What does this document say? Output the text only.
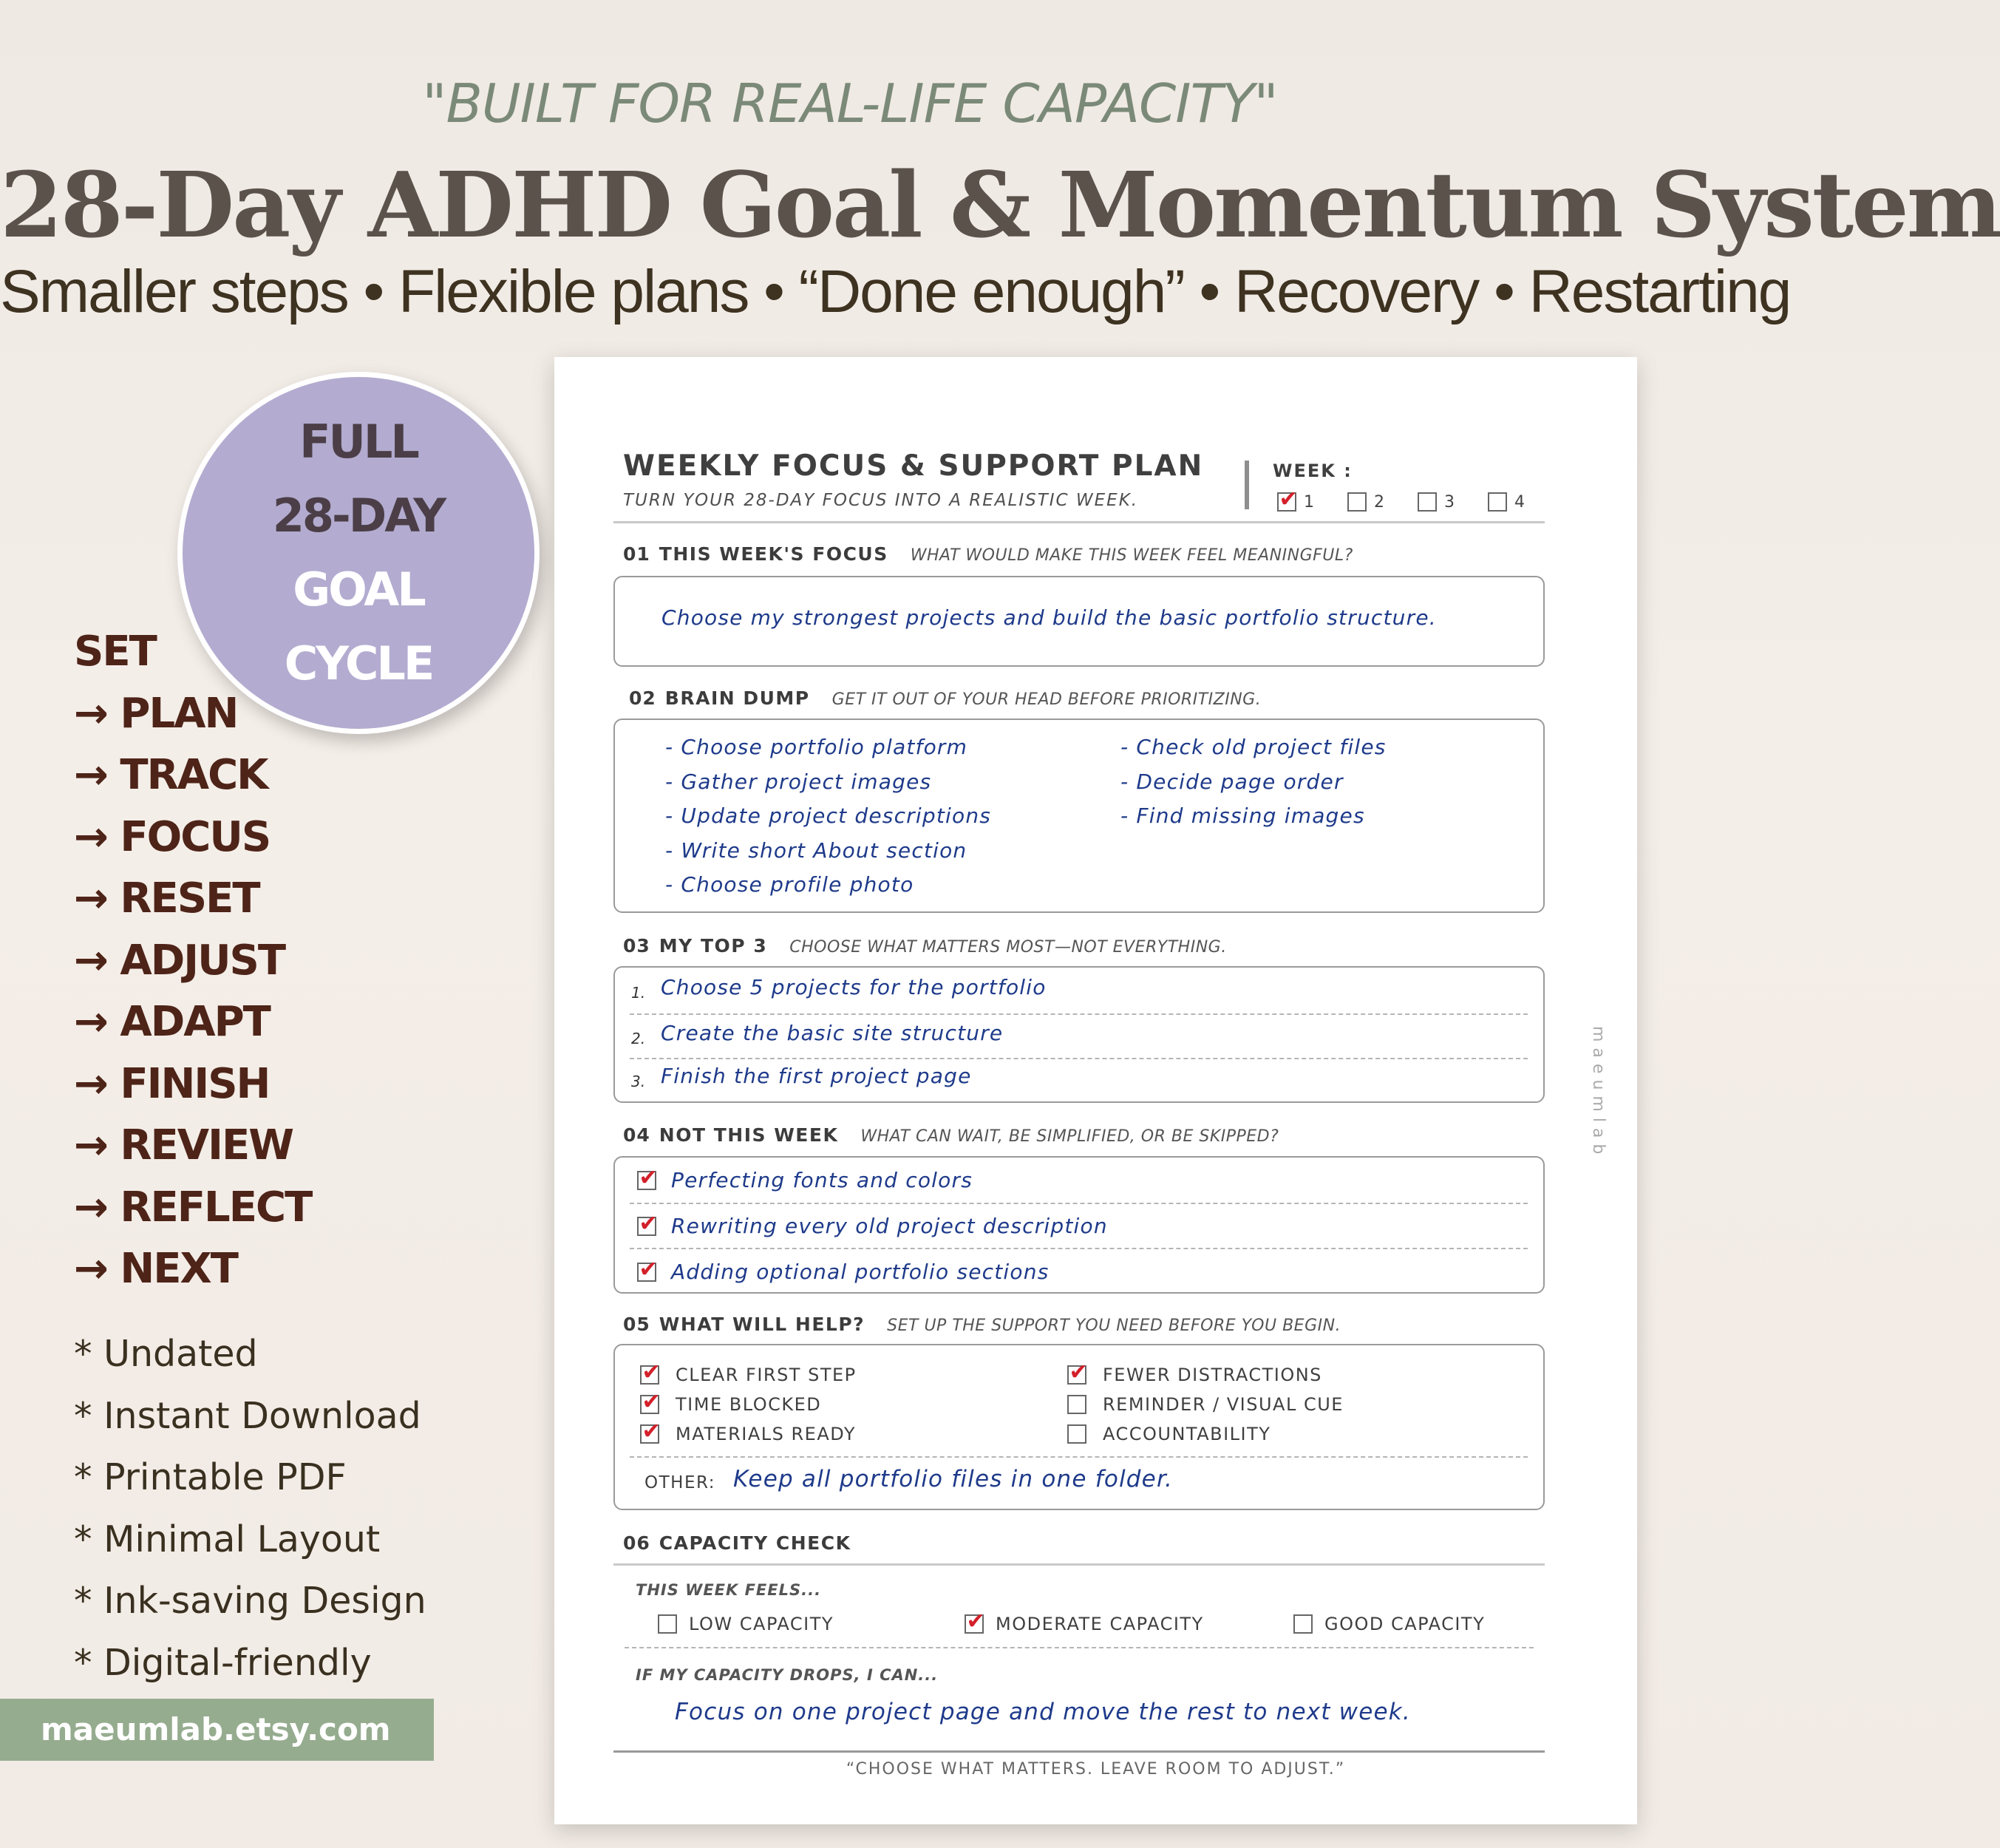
"BUILT FOR REAL-LIFE CAPACITY"
28-Day ADHD Goal & Momentum System
Smaller steps • Flexible plans • “Done enough” • Recovery • Restarting
FULL
28-DAY
GOAL
CYCLE
SET
→ PLAN
→ TRACK
→ FOCUS
→ RESET
→ ADJUST
→ ADAPT
→ FINISH
→ REVIEW
→ REFLECT
→ NEXT
* Undated
* Instant Download
* Printable PDF
* Minimal Layout
* Ink-saving Design
* Digital-friendly
maeumlab.etsy.com
WEEKLY FOCUS & SUPPORT PLAN
TURN YOUR 28-DAY FOCUS INTO A REALISTIC WEEK.
WEEK :
✔ 1	2	3	4
01 THIS WEEK'S FOCUS WHAT WOULD MAKE THIS WEEK FEEL MEANINGFUL?
Choose my strongest projects and build the basic portfolio structure.
02 BRAIN DUMP GET IT OUT OF YOUR HEAD BEFORE PRIORITIZING.
- Choose portfolio platform
- Gather project images
- Update project descriptions
- Write short About section
- Choose profile photo
- Check old project files
- Decide page order
- Find missing images
03 MY TOP 3 CHOOSE WHAT MATTERS MOST—NOT EVERYTHING.
1. Choose 5 projects for the portfolio
2. Create the basic site structure
3. Finish the first project page
04 NOT THIS WEEK WHAT CAN WAIT, BE SIMPLIFIED, OR BE SKIPPED?
✔ Perfecting fonts and colors
✔ Rewriting every old project description
✔ Adding optional portfolio sections
05 WHAT WILL HELP? SET UP THE SUPPORT YOU NEED BEFORE YOU BEGIN.
✔ CLEAR FIRST STEP
✔ TIME BLOCKED
✔ MATERIALS READY
✔ FEWER DISTRACTIONS
REMINDER / VISUAL CUE
ACCOUNTABILITY
OTHER: Keep all portfolio files in one folder.
06 CAPACITY CHECK
THIS WEEK FEELS...
LOW CAPACITY	✔ MODERATE CAPACITY	GOOD CAPACITY
IF MY CAPACITY DROPS, I CAN...
Focus on one project page and move the rest to next week.
“CHOOSE WHAT MATTERS. LEAVE ROOM TO ADJUST.”
maeumlab
